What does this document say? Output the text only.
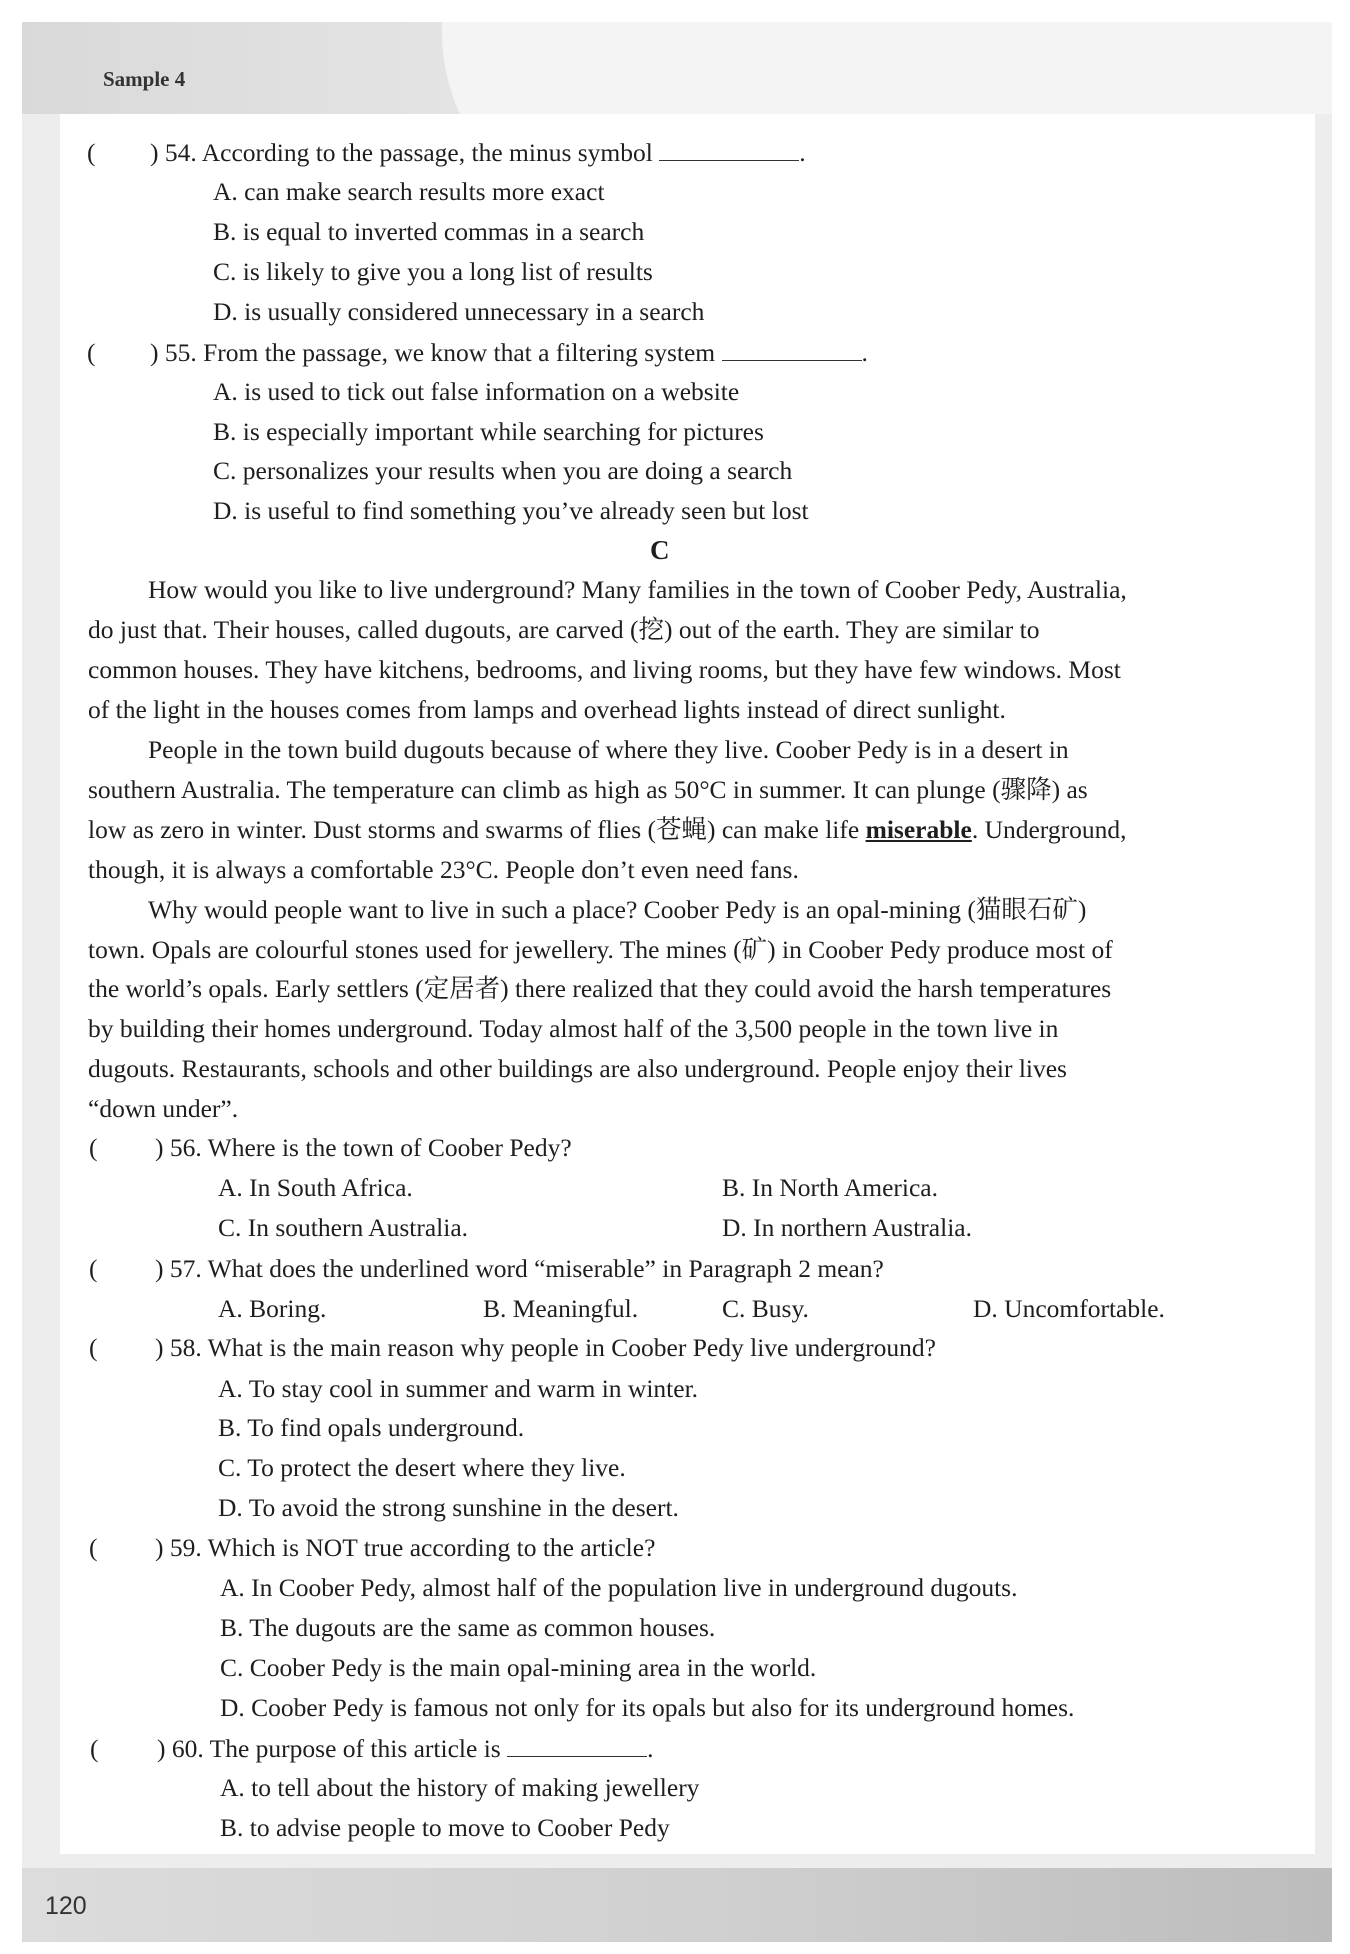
Sample 4
120
( ) 54. According to the passage, the minus symbol	.
A. can make search results more exact
B. is equal to inverted commas in a search
C. is likely to give you a long list of results
D. is usually considered unnecessary in a search
( ) 55. From the passage, we know that a filtering system	.
A. is used to tick out false information on a website
B. is especially important while searching for pictures
C. personalizes your results when you are doing a search
D. is useful to find something you’ve already seen but lost
C
How would you like to live underground? Many families in the town of Coober Pedy, Australia,
do just that. Their houses, called dugouts, are carved (挖) out of the earth. They are similar to
common houses. They have kitchens, bedrooms, and living rooms, but they have few windows. Most
of the light in the houses comes from lamps and overhead lights instead of direct sunlight.
People in the town build dugouts because of where they live. Coober Pedy is in a desert in
southern Australia. The temperature can climb as high as 50°C in summer. It can plunge (骤降) as
low as zero in winter. Dust storms and swarms of flies (苍蝇) can make life miserable. Underground,
though, it is always a comfortable 23°C. People don’t even need fans.
Why would people want to live in such a place? Coober Pedy is an opal-mining (猫眼石矿)
town. Opals are colourful stones used for jewellery. The mines (矿) in Coober Pedy produce most of
the world’s opals. Early settlers (定居者) there realized that they could avoid the harsh temperatures
by building their homes underground. Today almost half of the 3,500 people in the town live in
dugouts. Restaurants, schools and other buildings are also underground. People enjoy their lives
“down under”.
( ) 56. Where is the town of Coober Pedy?
A. In South Africa.	B. In North America.
C. In southern Australia.	D. In northern Australia.
( ) 57. What does the underlined word “miserable” in Paragraph 2 mean?
A. Boring.	B. Meaningful.	C. Busy.	D. Uncomfortable.
( ) 58. What is the main reason why people in Coober Pedy live underground?
A. To stay cool in summer and warm in winter.
B. To find opals underground.
C. To protect the desert where they live.
D. To avoid the strong sunshine in the desert.
( ) 59. Which is NOT true according to the article?
A. In Coober Pedy, almost half of the population live in underground dugouts.
B. The dugouts are the same as common houses.
C. Coober Pedy is the main opal-mining area in the world.
D. Coober Pedy is famous not only for its opals but also for its underground homes.
( ) 60. The purpose of this article is	.
A. to tell about the history of making jewellery
B. to advise people to move to Coober Pedy
